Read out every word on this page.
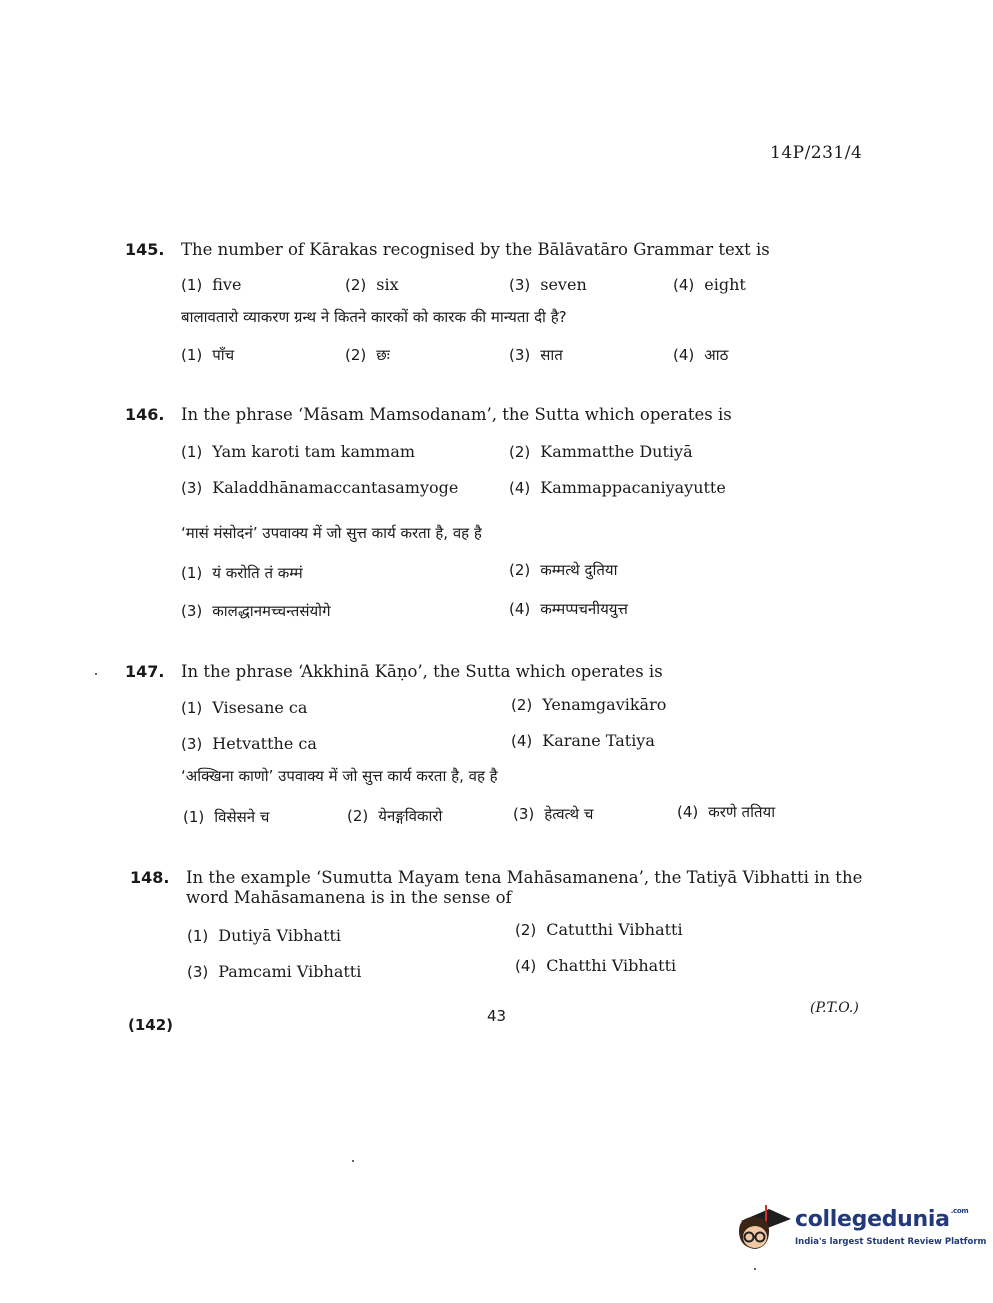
14P/231/4
145. The number of Kārakas recognised by the Bālāvatāro Grammar text is
(1) five	(2) six	(3) seven	(4) eight
बालावतारो व्याकरण ग्रन्थ ने कितने कारकों को कारक की मान्यता दी है?
(1) पाँच	(2) छः	(3) सात	(4) आठ
146. In the phrase ‘Māsam Mamsodanam’, the Sutta which operates is
(1) Yam karoti tam kammam	(2) Kammatthe Dutiyā
(3) Kaladdhānamaccantasamyoge	(4) Kammappacaniyayutte
‘मासं मंसोदनं’ उपवाक्य में जो सुत्त कार्य करता है, वह है
(1) यं करोति तं कम्मं	(2) कम्मत्थे दुतिया
(3) कालद्धानमच्चन्तसंयोगे	(4) कम्मप्पचनीययुत्त
147. In the phrase ‘Akkhinā Kāṇo’, the Sutta which operates is
(1) Visesane ca	(2) Yenamgavikāro
(3) Hetvatthe ca	(4) Karane Tatiya
‘अक्खिना काणो’ उपवाक्य में जो सुत्त कार्य करता है, वह है
(1) विसेसने च	(2) येनङ्गविकारो	(3) हेत्वत्थे च	(4) करणे ततिया
148. In the example ‘Sumutta Mayam tena Mahāsamanena’, the Tatiyā Vibhatti in the word Mahāsamanena is in the sense of
(1) Dutiyā Vibhatti	(2) Catutthi Vibhatti
(3) Pamcami Vibhatti	(4) Chatthi Vibhatti
(142)	43	(P.T.O.)
collegedunia$^{.com}$
India's largest Student Review Platform
